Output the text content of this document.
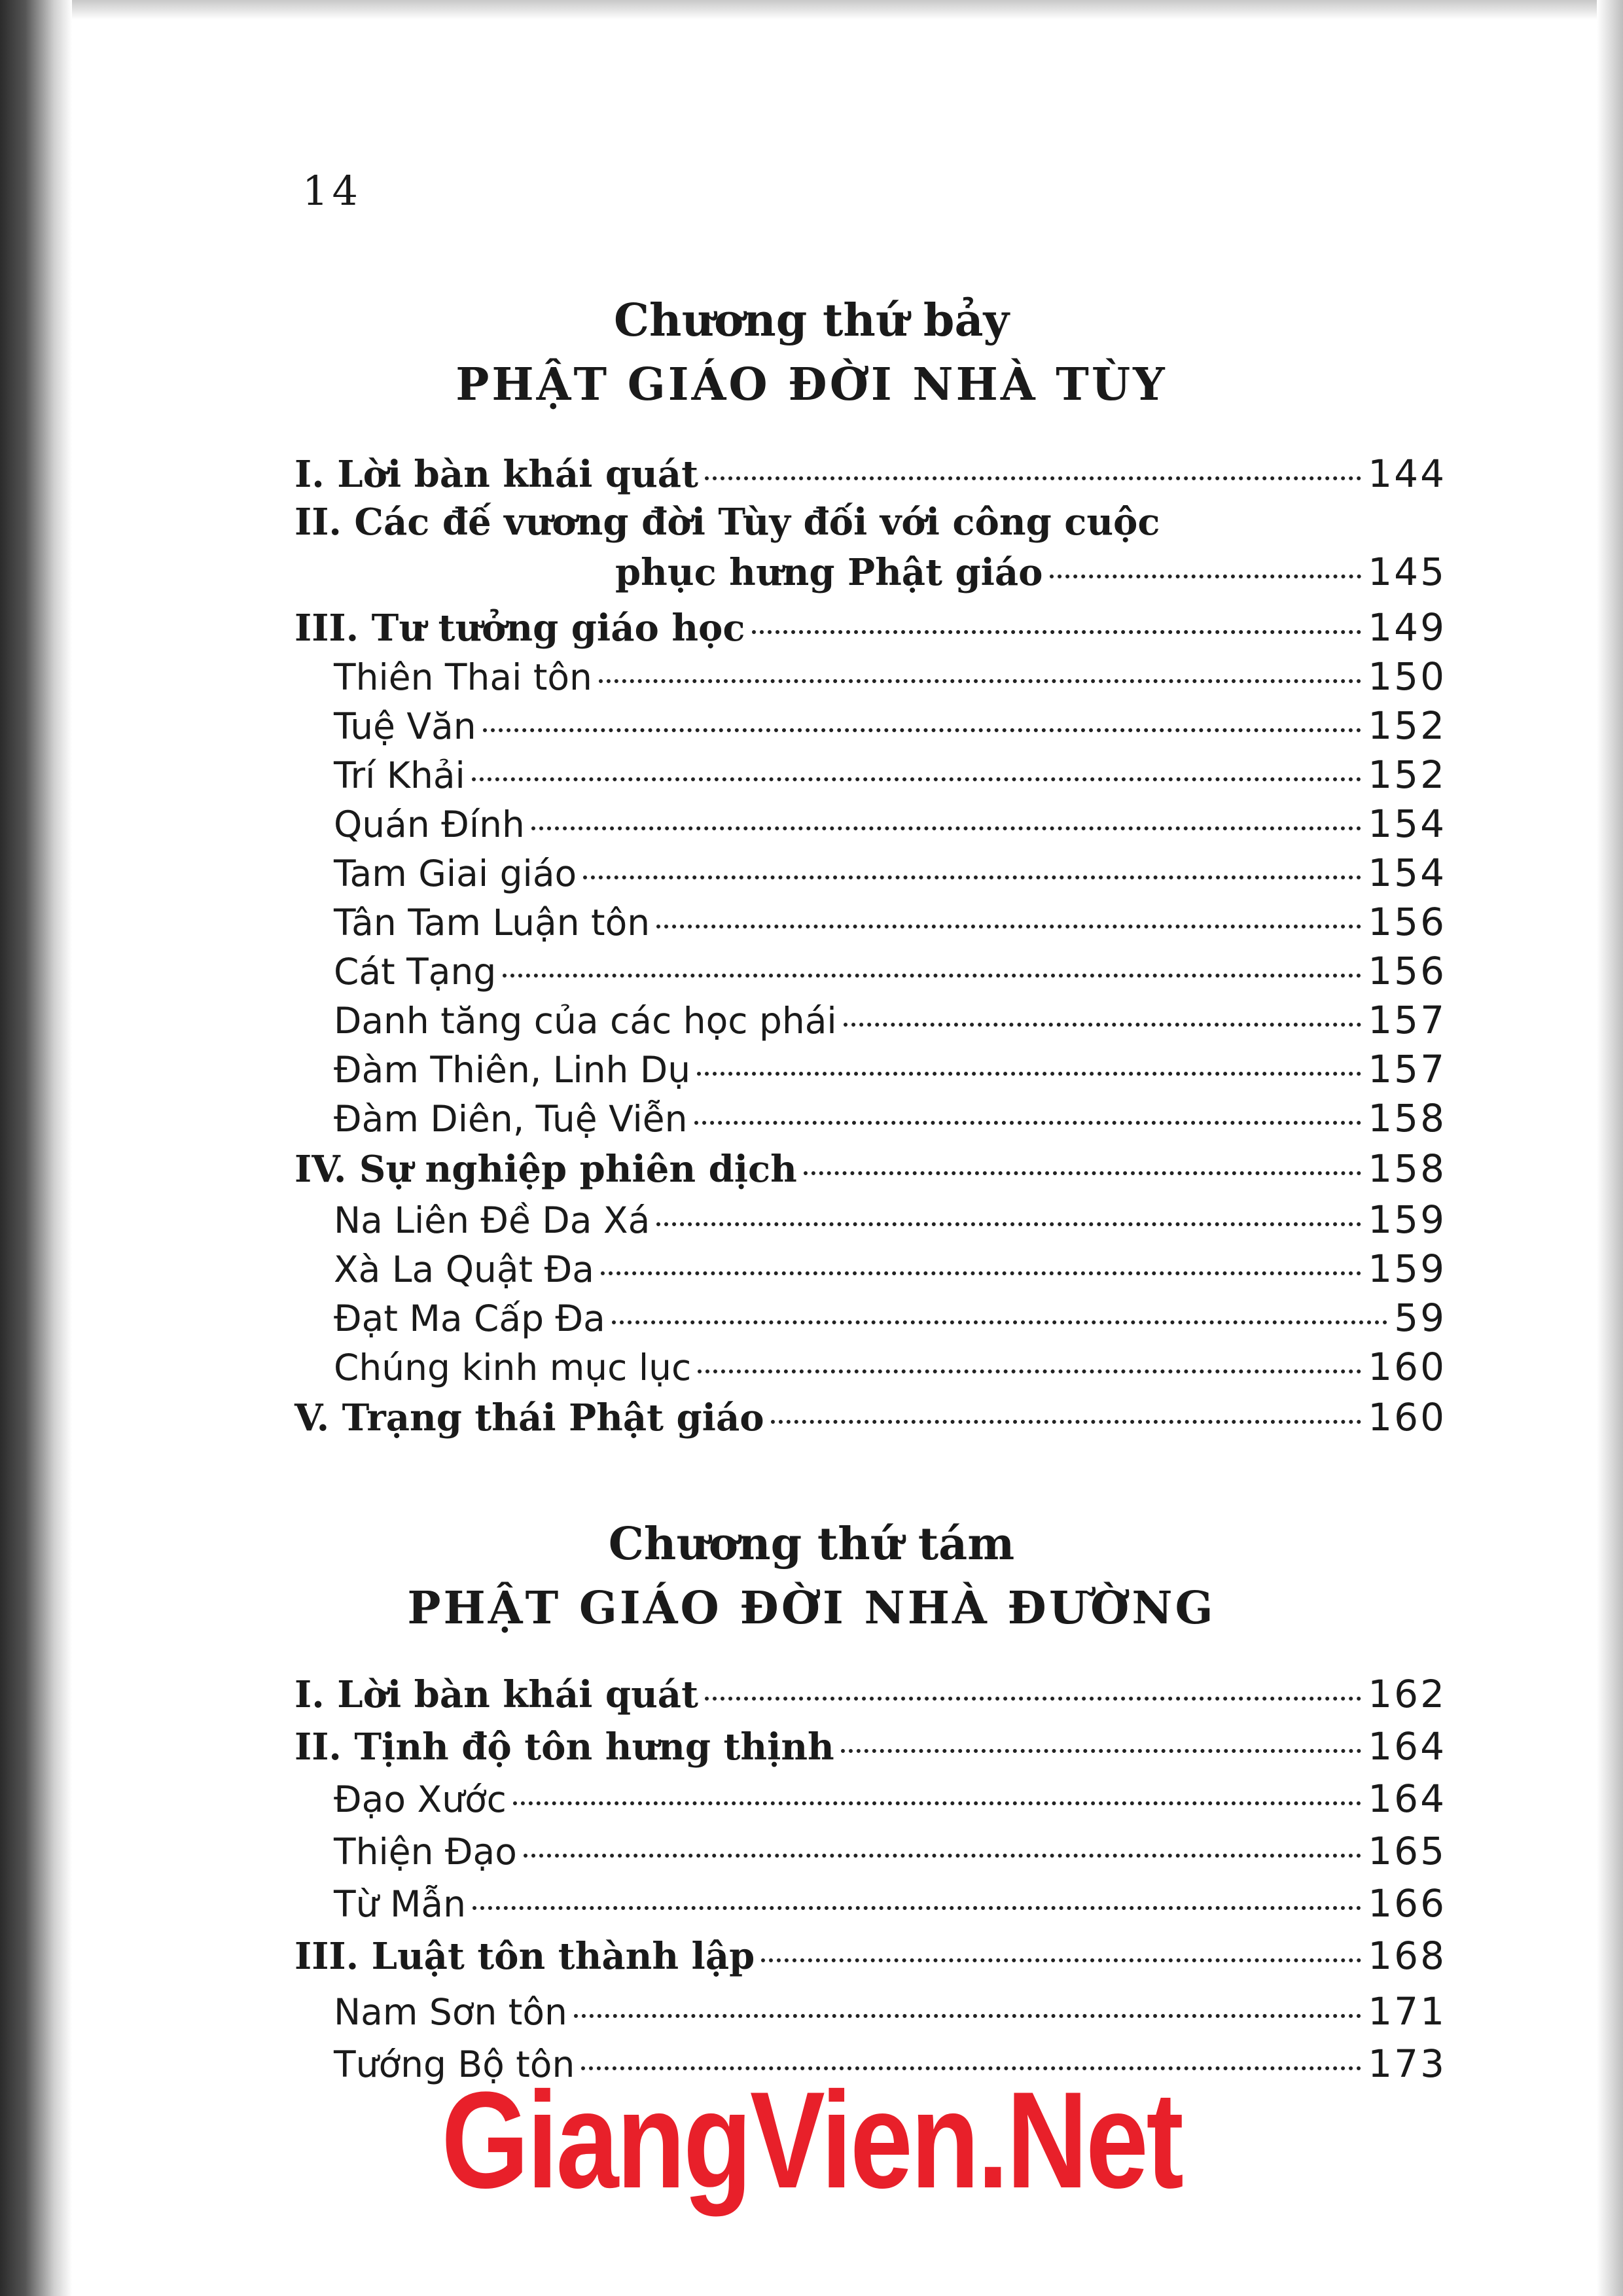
14
Chương thứ bảy
PHẬT GIÁO ĐỜI NHÀ TÙY
I. Lời bàn khái quát	144
II. Các đế vương đời Tùy đối với công cuộc
phục hưng Phật giáo	145
III. Tư tưởng giáo học	149
Thiên Thai tôn	150
Tuệ Văn	152
Trí Khải	152
Quán Đính	154
Tam Giai giáo	154
Tân Tam Luận tôn	156
Cát Tạng	156
Danh tăng của các học phái	157
Đàm Thiên, Linh Dụ	157
Đàm Diên, Tuệ Viễn	158
IV. Sự nghiệp phiên dịch	158
Na Liên Đề Da Xá	159
Xà La Quật Đa	159
Đạt Ma Cấp Đa	59
Chúng kinh mục lục	160
V. Trạng thái Phật giáo	160
Chương thứ tám
PHẬT GIÁO ĐỜI NHÀ ĐƯỜNG
I. Lời bàn khái quát	162
II. Tịnh độ tôn hưng thịnh	164
Đạo Xước	164
Thiện Đạo	165
Từ Mẫn	166
III. Luật tôn thành lập	168
Nam Sơn tôn	171
Tướng Bộ tôn	173
GiangVien.Net
